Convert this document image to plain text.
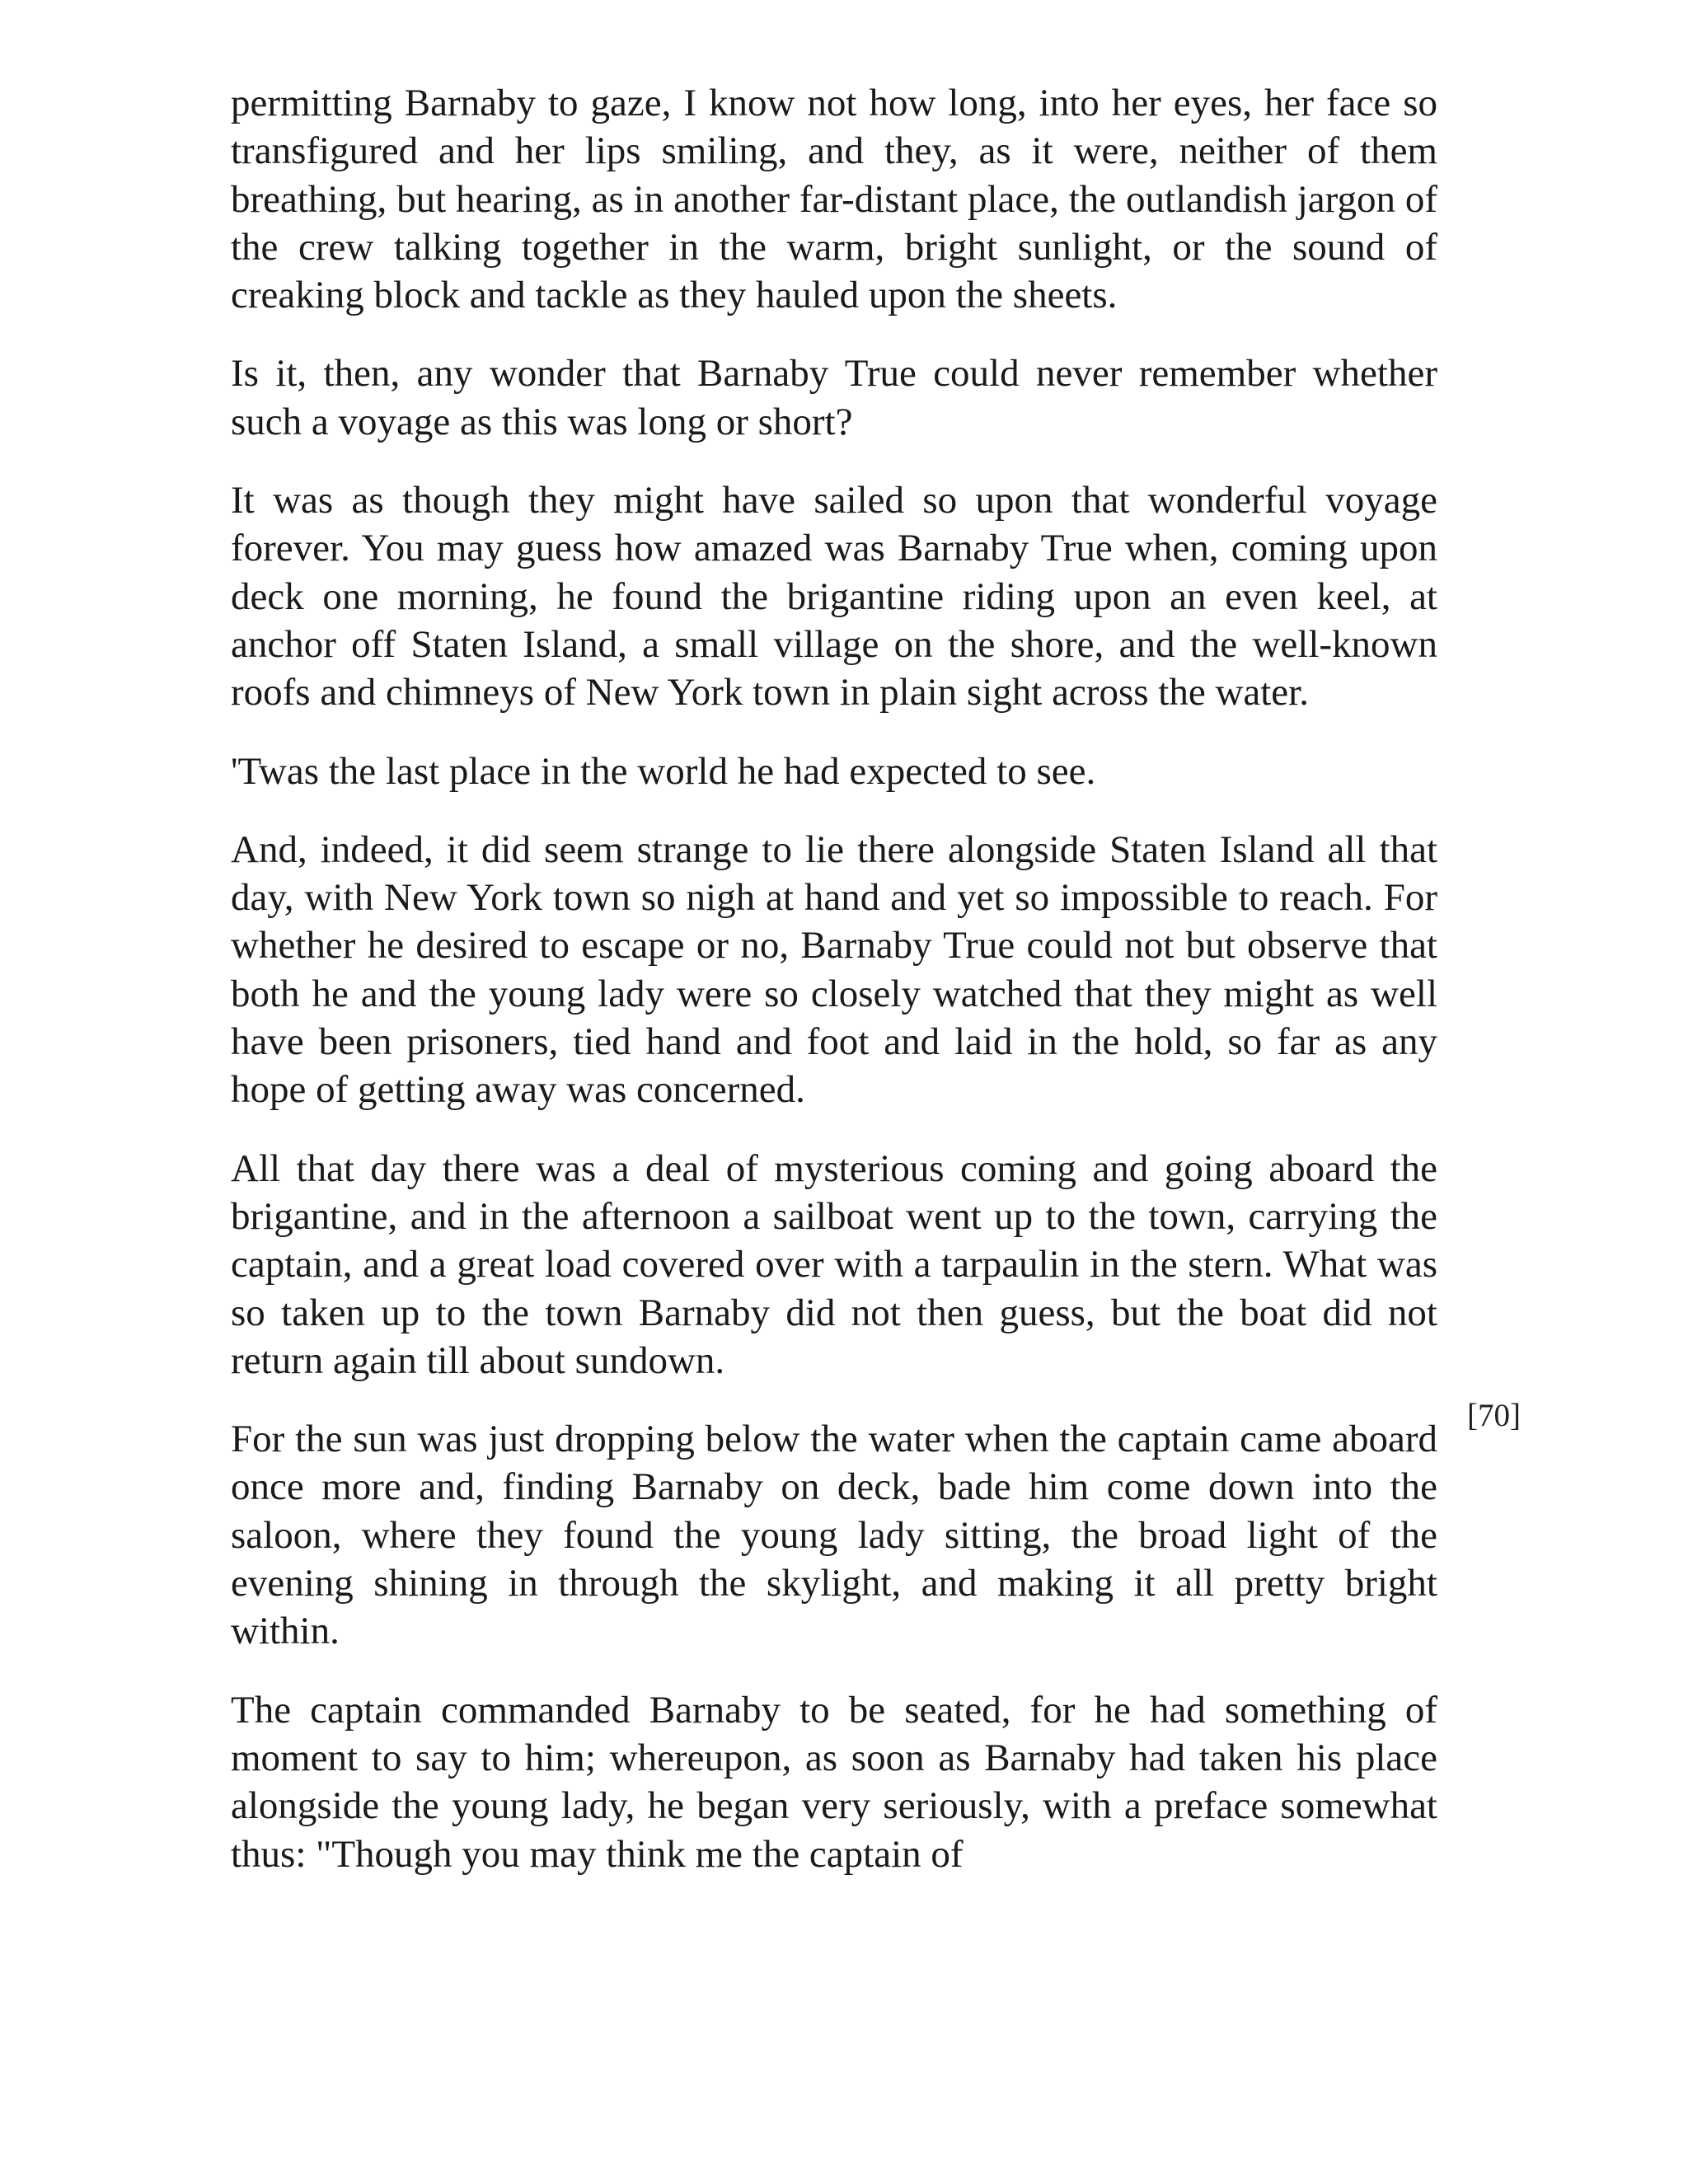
permitting Barnaby to gaze, I know not how long, into her eyes, her face so transfigured and her lips smiling, and they, as it were, neither of them breathing, but hearing, as in another far-distant place, the outlandish jargon of the crew talking together in the warm, bright sunlight, or the sound of creaking block and tackle as they hauled upon the sheets.

Is it, then, any wonder that Barnaby True could never remember whether such a voyage as this was long or short?

It was as though they might have sailed so upon that wonderful voyage forever. You may guess how amazed was Barnaby True when, coming upon deck one morning, he found the brigantine riding upon an even keel, at anchor off Staten Island, a small village on the shore, and the well-known roofs and chimneys of New York town in plain sight across the water.

'Twas the last place in the world he had expected to see.

And, indeed, it did seem strange to lie there alongside Staten Island all that day, with New York town so nigh at hand and yet so impossible to reach. For whether he desired to escape or no, Barnaby True could not but observe that both he and the young lady were so closely watched that they might as well have been prisoners, tied hand and foot and laid in the hold, so far as any hope of getting away was concerned.

All that day there was a deal of mysterious coming and going aboard the brigantine, and in the afternoon a sailboat went up to the town, carrying the captain, and a great load covered over with a tarpaulin in the stern. What was so taken up to the town Barnaby did not then guess, but the boat did not return again till about sundown.

For the sun was just dropping below the water when the captain came aboard once more and, finding Barnaby on deck, bade him come down into the saloon, where they found the young lady sitting, the broad light of the evening shining in through the skylight, and making it all pretty bright within.

The captain commanded Barnaby to be seated, for he had something of moment to say to him; whereupon, as soon as Barnaby had taken his place alongside the young lady, he began very seriously, with a preface somewhat thus: "Though you may think me the captain of

[70]
